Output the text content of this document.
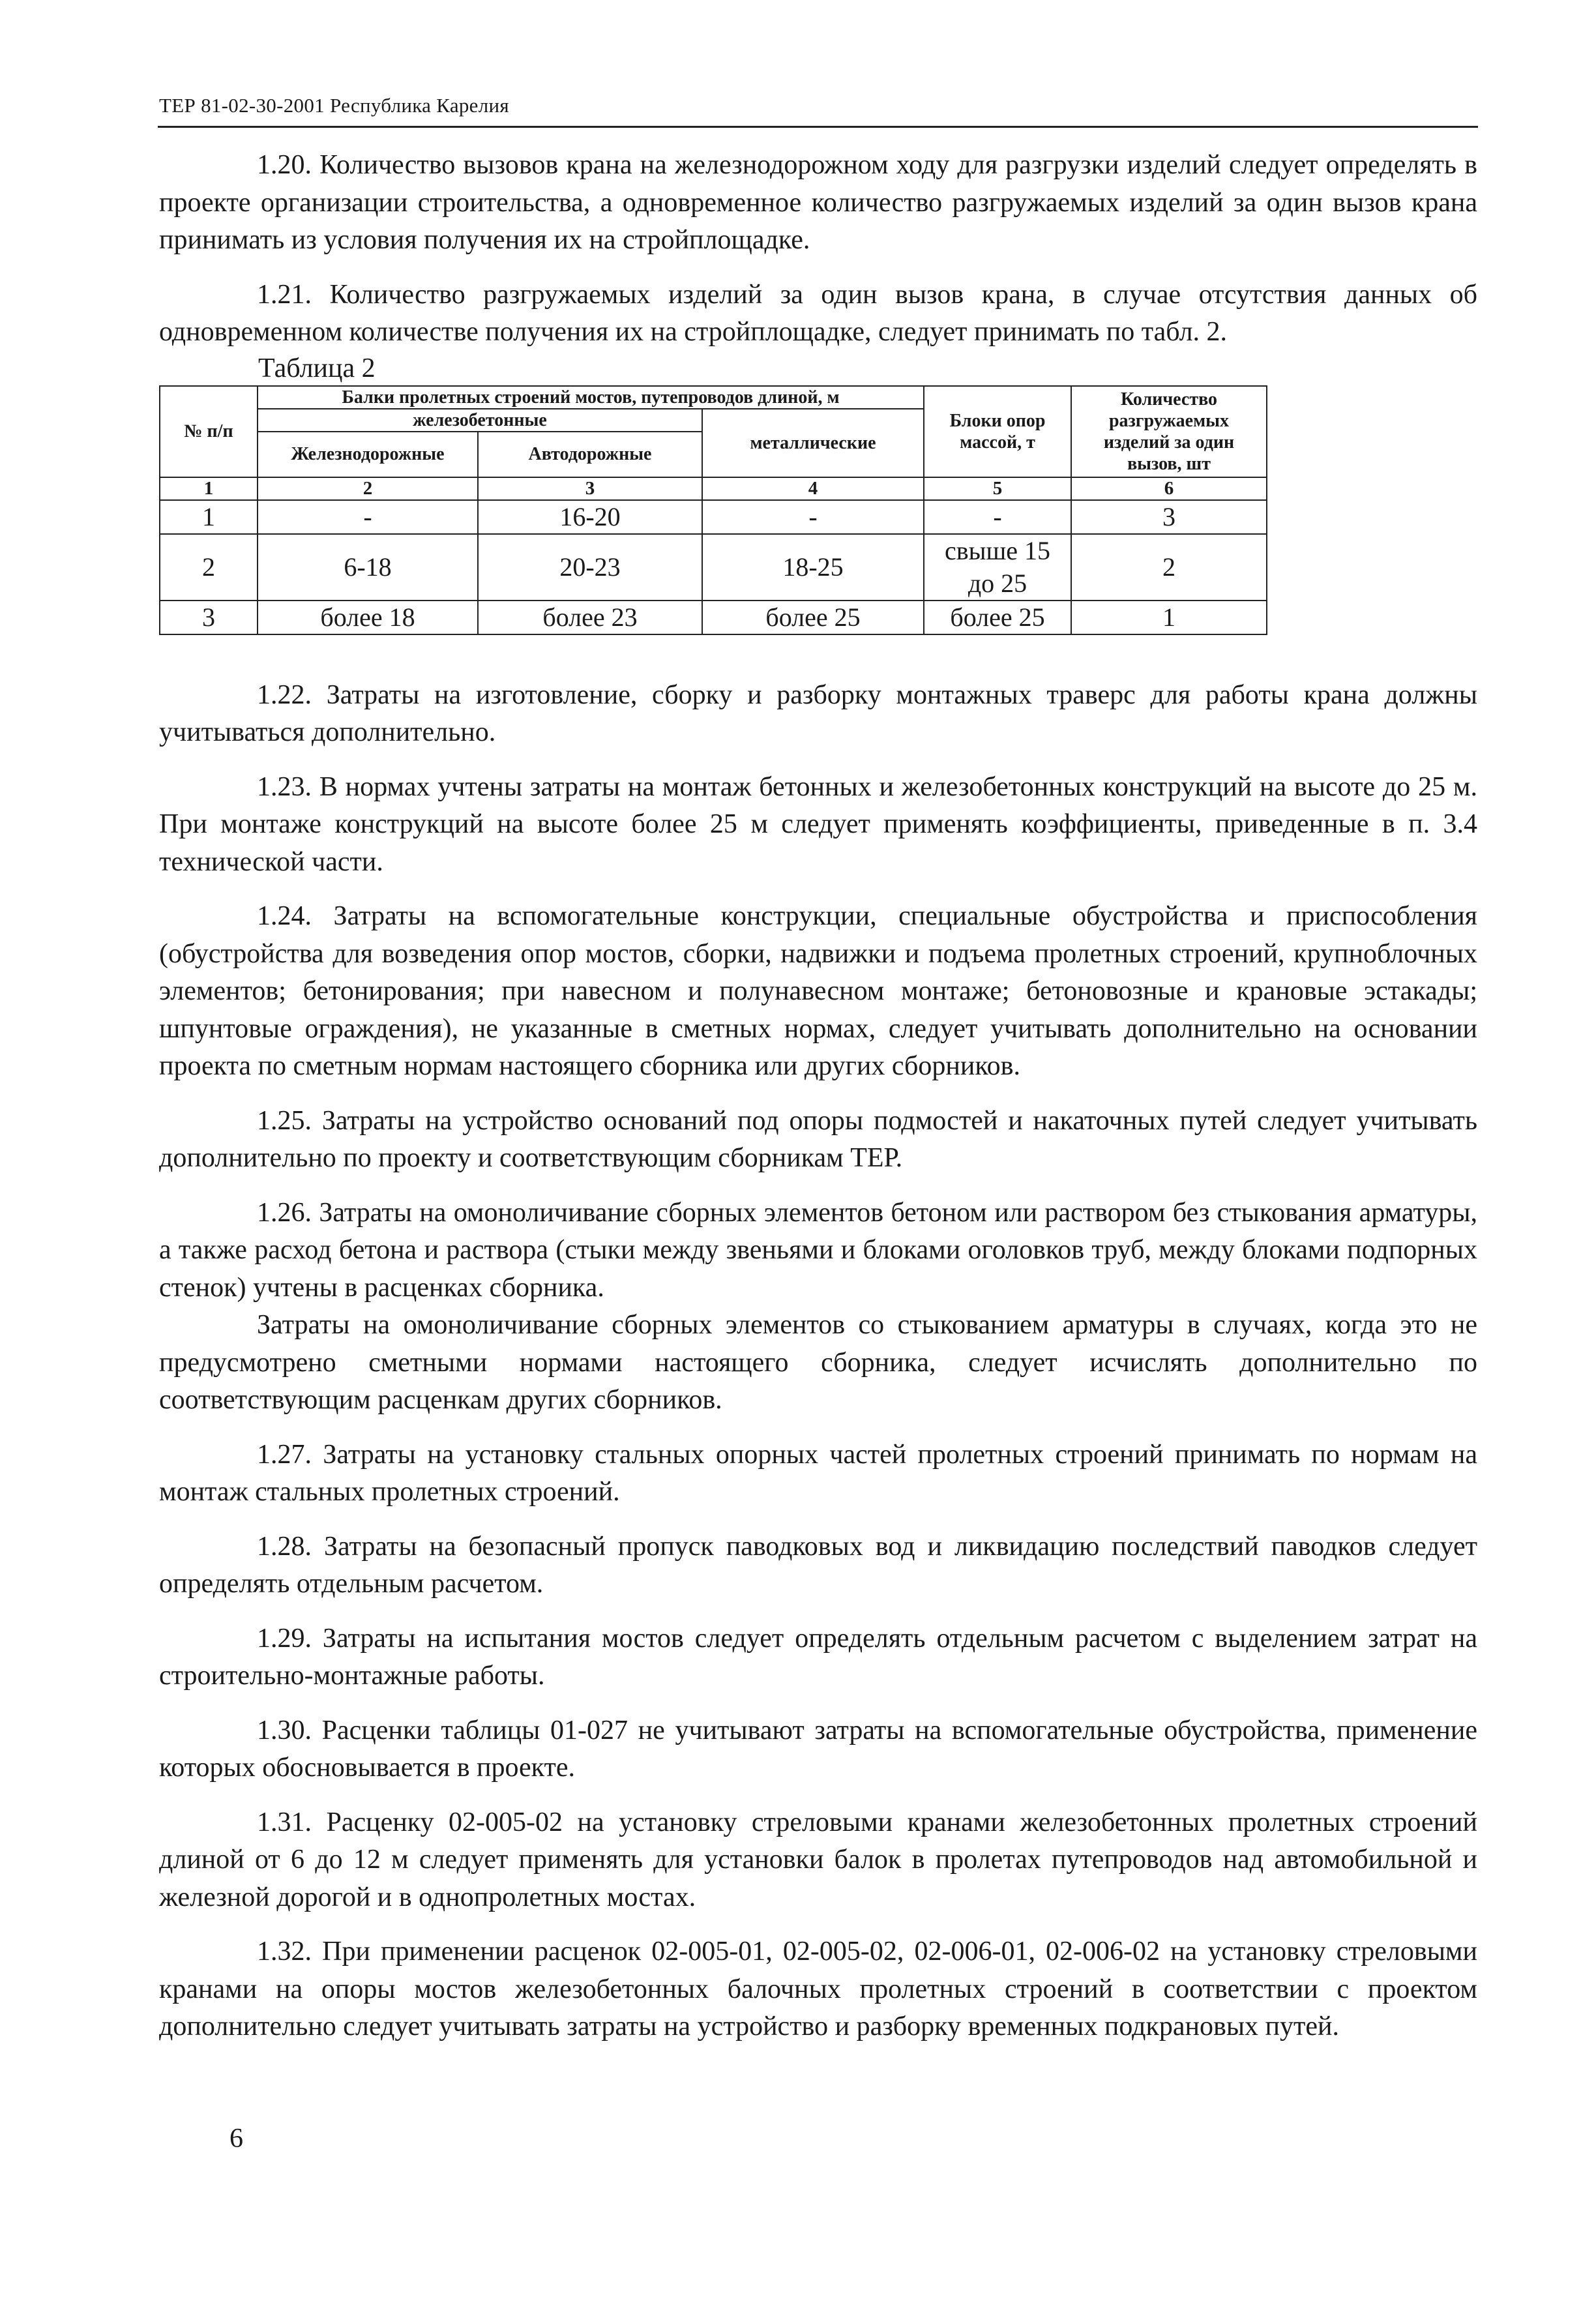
ТЕР 81-02-30-2001 Республика Карелия

1.20. Количество вызовов крана на железнодорожном ходу для разгрузки изделий следует определять в проекте организации строительства, а одновременное количество разгружаемых изделий за один вызов крана принимать из условия получения их на стройплощадке.

1.21. Количество разгружаемых изделий за один вызов крана, в случае отсутствия данных об одновременном количестве получения их на стройплощадке, следует принимать по табл. 2.

Таблица 2
№ п/п	Балки пролетных строений мостов, путепроводов длиной, м			Блоки опор массой, т	Количество разгружаемых изделий за один вызов, шт
	железобетонные		металлические		
	Железнодорожные	Автодорожные			
1	2	3	4	5	6
1	-	16-20	-	-	3
2	6-18	20-23	18-25	свыше 15 до 25	2
3	более 18	более 23	более 25	более 25	1

1.22. Затраты на изготовление, сборку и разборку монтажных траверс для работы крана должны учитываться дополнительно.

1.23. В нормах учтены затраты на монтаж бетонных и железобетонных конструкций на высоте до 25 м. При монтаже конструкций на высоте более 25 м следует применять коэффициенты, приведенные в п. 3.4 технической части.

1.24. Затраты на вспомогательные конструкции, специальные обустройства и приспособления (обустройства для возведения опор мостов, сборки, надвижки и подъема пролетных строений, крупноблочных элементов; бетонирования; при навесном и полунавесном монтаже; бетоновозные и крановые эстакады; шпунтовые ограждения), не указанные в сметных нормах, следует учитывать дополнительно на основании проекта по сметным нормам настоящего сборника или других сборников.

1.25. Затраты на устройство оснований под опоры подмостей и накаточных путей следует учитывать дополнительно по проекту и соответствующим сборникам ТЕР.

1.26. Затраты на омоноличивание сборных элементов бетоном или раствором без стыкования арматуры, а также расход бетона и раствора (стыки между звеньями и блоками оголовков труб, между блоками подпорных стенок) учтены в расценках сборника.

Затраты на омоноличивание сборных элементов со стыкованием арматуры в случаях, когда это не предусмотрено сметными нормами настоящего сборника, следует исчислять дополнительно по соответствующим расценкам других сборников.

1.27. Затраты на установку стальных опорных частей пролетных строений принимать по нормам на монтаж стальных пролетных строений.

1.28. Затраты на безопасный пропуск паводковых вод и ликвидацию последствий паводков следует определять отдельным расчетом.

1.29. Затраты на испытания мостов следует определять отдельным расчетом с выделением затрат на строительно-монтажные работы.

1.30. Расценки таблицы 01-027 не учитывают затраты на вспомогательные обустройства, применение которых обосновывается в проекте.

1.31. Расценку 02-005-02 на установку стреловыми кранами железобетонных пролетных строений длиной от 6 до 12 м следует применять для установки балок в пролетах путепроводов над автомобильной и железной дорогой и в однопролетных мостах.

1.32. При применении расценок 02-005-01, 02-005-02, 02-006-01, 02-006-02 на установку стреловыми кранами на опоры мостов железобетонных балочных пролетных строений в соответствии с проектом дополнительно следует учитывать затраты на устройство и разборку временных подкрановых путей.

6
